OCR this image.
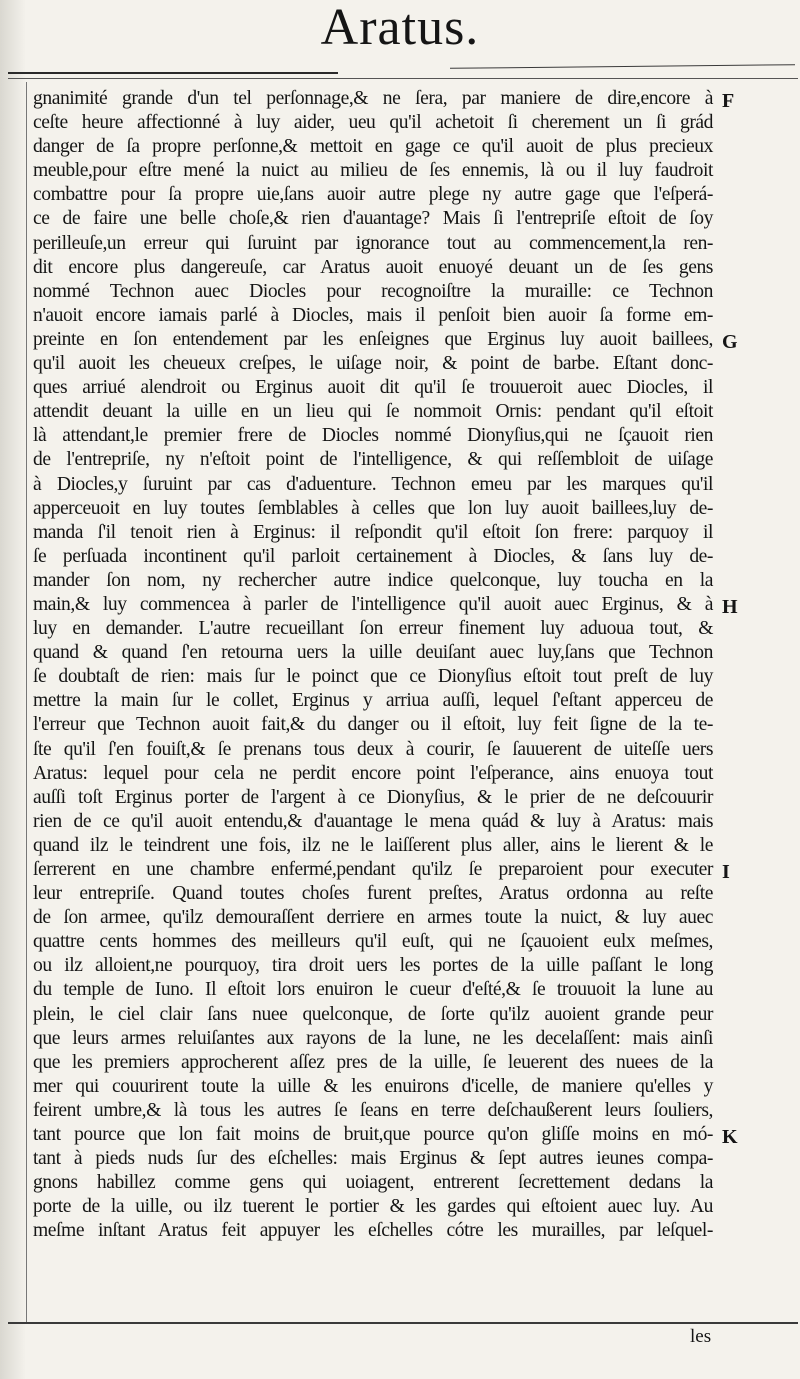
Aratus.
gnanimité grande d'un tel perſonnage,& ne ſera, par maniere de dire,encore à
ceſte heure affectionné à luy aider, ueu qu'il achetoit ſi cherement un ſi grád
danger de ſa propre perſonne,& mettoit en gage ce qu'il auoit de plus precieux
meuble,pour eſtre mené la nuict au milieu de ſes ennemis, là ou il luy faudroit
combattre pour ſa propre uie,ſans auoir autre plege ny autre gage que l'eſperá-
ce de faire une belle choſe,& rien d'auantage? Mais ſi l'entrepriſe eſtoit de ſoy
perilleuſe,un erreur qui ſuruint par ignorance tout au commencement,la ren-
dit encore plus dangereuſe, car Aratus auoit enuoyé deuant un de ſes gens
nommé Technon auec Diocles pour recognoiſtre la muraille: ce Technon
n'auoit encore iamais parlé à Diocles, mais il penſoit bien auoir ſa forme em-
preinte en ſon entendement par les enſeignes que Erginus luy auoit baillees,
qu'il auoit les cheueux creſpes, le uiſage noir, & point de barbe. Eſtant donc-
ques arriué alendroit ou Erginus auoit dit qu'il ſe trouueroit auec Diocles, il
attendit deuant la uille en un lieu qui ſe nommoit Ornis: pendant qu'il eſtoit
là attendant,le premier frere de Diocles nommé Dionyſius,qui ne ſçauoit rien
de l'entrepriſe, ny n'eſtoit point de l'intelligence, & qui reſſembloit de uiſage
à Diocles,y ſuruint par cas d'aduenture. Technon emeu par les marques qu'il
apperceuoit en luy toutes ſemblables à celles que lon luy auoit baillees,luy de-
manda ſ'il tenoit rien à Erginus: il reſpondit qu'il eſtoit ſon frere: parquoy il
ſe perſuada incontinent qu'il parloit certainement à Diocles, & ſans luy de-
mander ſon nom, ny rechercher autre indice quelconque, luy toucha en la
main,& luy commencea à parler de l'intelligence qu'il auoit auec Erginus, & à
luy en demander. L'autre recueillant ſon erreur finement luy aduoua tout, &
quand & quand ſ'en retourna uers la uille deuiſant auec luy,ſans que Technon
ſe doubtaſt de rien: mais ſur le poinct que ce Dionyſius eſtoit tout preſt de luy
mettre la main ſur le collet, Erginus y arriua auſſi, lequel ſ'eſtant apperceu de
l'erreur que Technon auoit fait,& du danger ou il eſtoit, luy feit ſigne de la te-
ſte qu'il ſ'en fouiſt,& ſe prenans tous deux à courir, ſe ſauuerent de uiteſſe uers
Aratus: lequel pour cela ne perdit encore point l'eſperance, ains enuoya tout
auſſi toſt Erginus porter de l'argent à ce Dionyſius, & le prier de ne deſcouurir
rien de ce qu'il auoit entendu,& d'auantage le mena quád & luy à Aratus: mais
quand ilz le teindrent une fois, ilz ne le laiſſerent plus aller, ains le lierent & le
ſerrerent en une chambre enfermé,pendant qu'ilz ſe preparoient pour executer
leur entrepriſe. Quand toutes choſes furent preſtes, Aratus ordonna au reſte
de ſon armee, qu'ilz demouraſſent derriere en armes toute la nuict, & luy auec
quattre cents hommes des meilleurs qu'il euſt, qui ne ſçauoient eulx meſmes,
ou ilz alloient,ne pourquoy, tira droit uers les portes de la uille paſſant le long
du temple de Iuno. Il eſtoit lors enuiron le cueur d'eſté,& ſe trouuoit la lune au
plein, le ciel clair ſans nuee quelconque, de ſorte qu'ilz auoient grande peur
que leurs armes reluiſantes aux rayons de la lune, ne les decelaſſent: mais ainſi
que les premiers approcherent aſſez pres de la uille, ſe leuerent des nuees de la
mer qui couurirent toute la uille & les enuirons d'icelle, de maniere qu'elles y
feirent umbre,& là tous les autres ſe ſeans en terre deſchaußerent leurs ſouliers,
tant pource que lon fait moins de bruit,que pource qu'on gliſſe moins en mó-
tant à pieds nuds ſur des eſchelles: mais Erginus & ſept autres ieunes compa-
gnons habillez comme gens qui uoiagent, entrerent ſecrettement dedans la
porte de la uille, ou ilz tuerent le portier & les gardes qui eſtoient auec luy. Au
meſme inſtant Aratus feit appuyer les eſchelles cótre les murailles, par leſquel-
F
G
H
I
K
les
